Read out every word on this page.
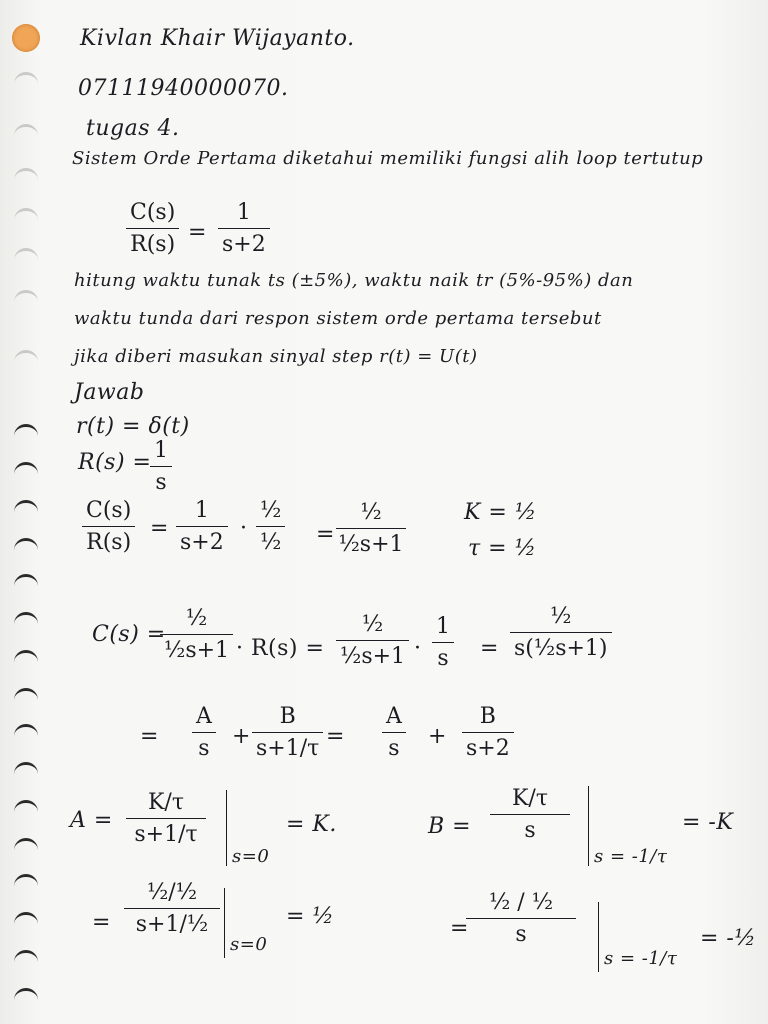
Kivlan Khair Wijayanto.
07111940000070.
tugas 4.
Sistem Orde Pertama diketahui memiliki fungsi alih loop tertutup
C(s)
R(s) =
1
s+2
hitung waktu tunak ts (±5%), waktu naik tr (5%-95%) dan
waktu tunda dari respon sistem orde pertama tersebut
jika diberi masukan sinyal step r(t) = U(t)
Jawab
r(t) = δ(t)
R(s) = 1
s
C(s)
R(s)
=
1
s+2
·
½
½ =
½
½s+1
K = ½
τ = ½
C(s) =
½
½s+1 · R(s) =
½
½s+1 ·
1
s =
½
s(½s+1)
=
A
s +
B
s+1/τ =
A
s +
B
s+2
A =
K/τ
s+1/τ
s=0
= K.	B =
K/τ
s
s = -1/τ
= -K
=
½/½
s+1/½
s=0
= ½	=
½ / ½
s
s = -1/τ
= -½
